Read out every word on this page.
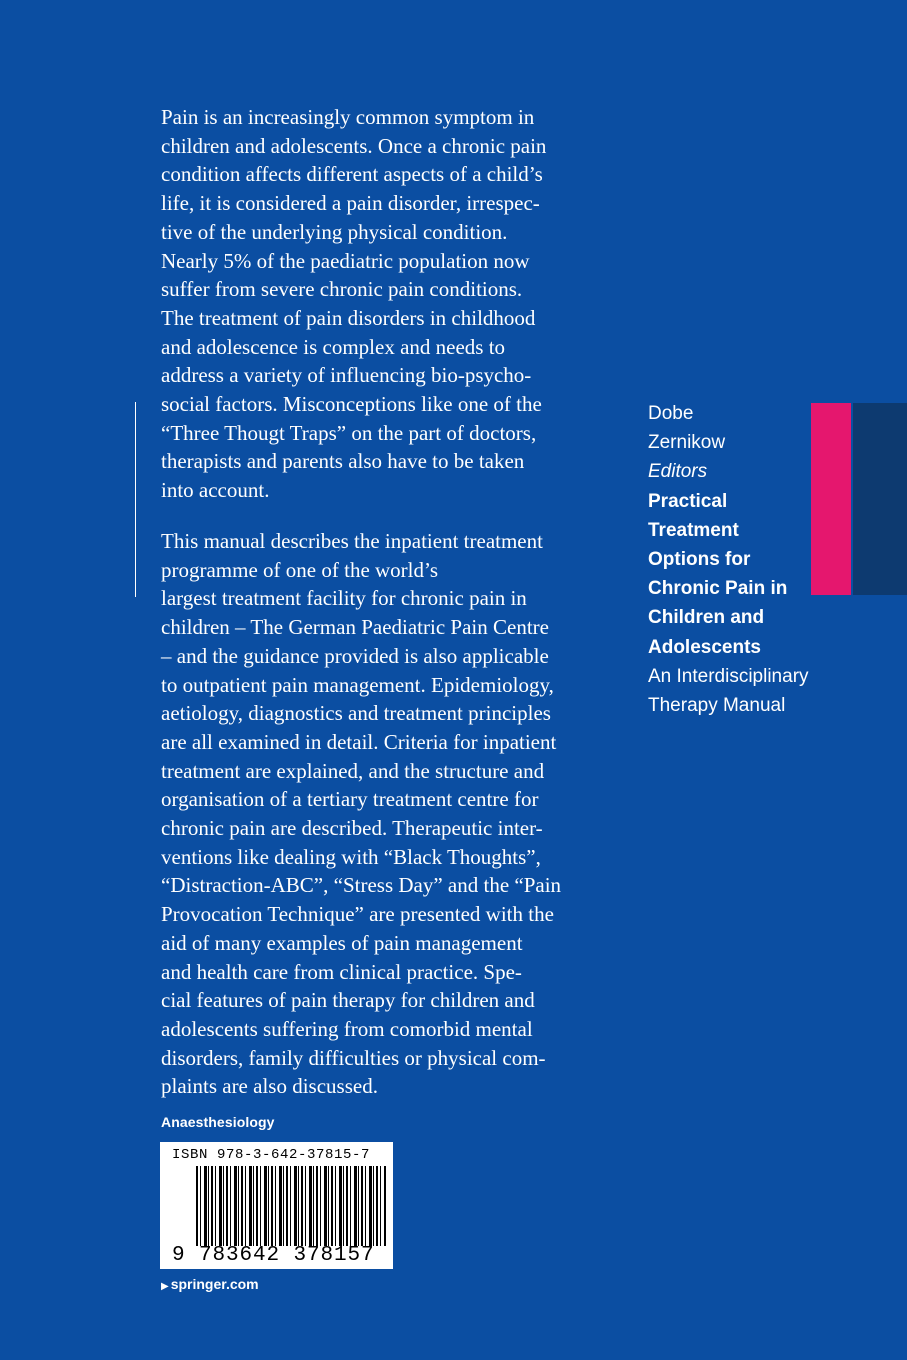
Pain is an increasingly common symptom in
children and adolescents. Once a chronic pain
condition affects different aspects of a child’s
life, it is considered a pain disorder, irrespec-
tive of the underlying physical condition.
Nearly 5% of the paediatric population now
suffer from severe chronic pain conditions.
The treatment of pain disorders in childhood
and adolescence is complex and needs to
address a variety of influencing bio-psycho-
social factors. Misconceptions like one of the
“Three Thougt Traps” on the part of doctors,
therapists and parents also have to be taken
into account.

This manual describes the inpatient treatment
programme of one of the world’s
largest treatment facility for chronic pain in
children – The German Paediatric Pain Centre
– and the guidance provided is also applicable
to outpatient pain management. Epidemiology,
aetiology, diagnostics and treatment principles
are all examined in detail. Criteria for inpatient
treatment are explained, and the structure and
organisation of a tertiary treatment centre for
chronic pain are described. Therapeutic inter-
ventions like dealing with “Black Thoughts”,
“Distraction-ABC”, “Stress Day” and the “Pain
Provocation Technique” are presented with the
aid of many examples of pain management
and health care from clinical practice. Spe-
cial features of pain therapy for children and
adolescents suffering from comorbid mental
disorders, family difficulties or physical com-
plaints are also discussed.

Anaesthesiology
ISBN 978-3-642-37815-7
9 783642 378157
▶ springer.com
Dobe
Zernikow
Editors
Practical
Treatment
Options for
Chronic Pain in
Children and
Adolescents
An Interdisciplinary
Therapy Manual
